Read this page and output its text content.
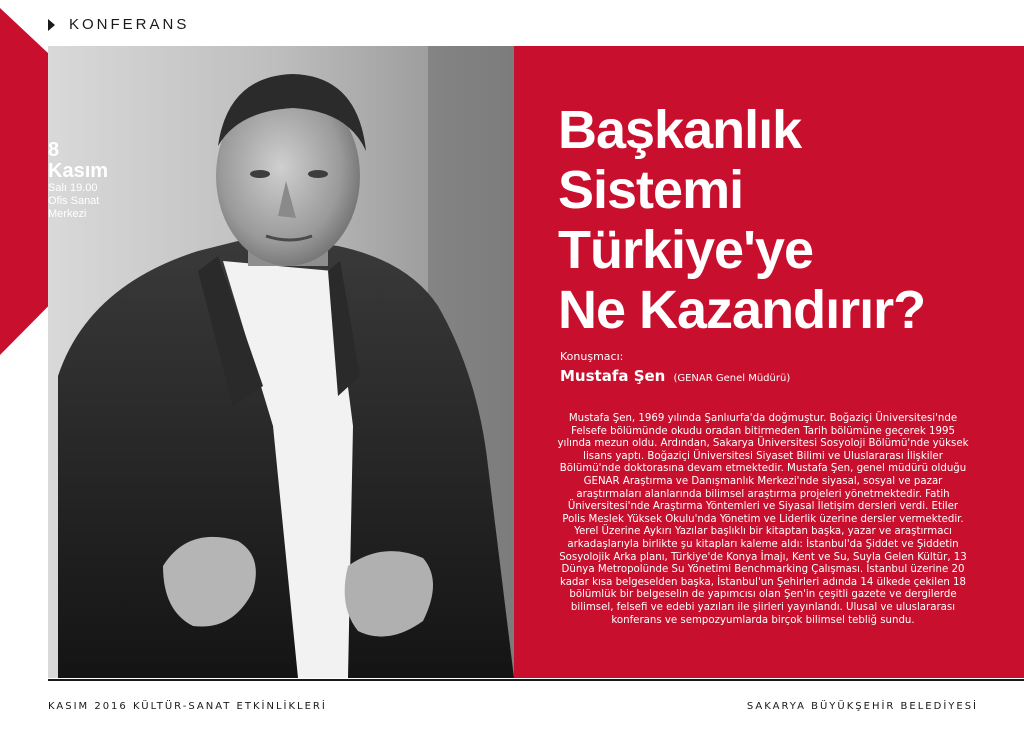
KONFERANS
8
Kasım
Salı 19.00
Ofis Sanat
Merkezi
Başkanlık
Sistemi
Türkiye'ye
Ne Kazandırır?
Konuşmacı:
Mustafa Şen (GENAR Genel Müdürü)
Mustafa Şen, 1969 yılında Şanlıurfa'da doğmuştur. Boğaziçi Üniversitesi'nde Felsefe bölümünde okudu oradan bitirmeden Tarih bölümüne geçerek 1995 yılında mezun oldu. Ardından, Sakarya Üniversitesi Sosyoloji Bölümü'nde yüksek lisans yaptı. Boğaziçi Üniversitesi Siyaset Bilimi ve Uluslararası İlişkiler Bölümü'nde doktorasına devam etmektedir. Mustafa Şen, genel müdürü olduğu GENAR Araştırma ve Danışmanlık Merkezi'nde siyasal, sosyal ve pazar araştırmaları alanlarında bilimsel araştırma projeleri yönetmektedir. Fatih Üniversitesi'nde Araştırma Yöntemleri ve Siyasal İletişim dersleri verdi. Etiler Polis Meslek Yüksek Okulu'nda Yönetim ve Liderlik üzerine dersler vermektedir. Yerel Üzerine Aykırı Yazılar başlıklı bir kitaptan başka, yazar ve araştırmacı arkadaşlarıyla birlikte şu kitapları kaleme aldı: İstanbul'da Şiddet ve Şiddetin Sosyolojik Arka planı, Türkiye'de Konya İmajı, Kent ve Su, Suyla Gelen Kültür, 13 Dünya Metropolünde Su Yönetimi Benchmarking Çalışması. İstanbul üzerine 20 kadar kısa belgeselden başka, İstanbul'un Şehirleri adında 14 ülkede çekilen 18 bölümlük bir belgeselin de yapımcısı olan Şen'in çeşitli gazete ve dergilerde bilimsel, felsefi ve edebi yazıları ile şiirleri yayınlandı. Ulusal ve uluslararası konferans ve sempozyumlarda birçok bilimsel tebliğ sundu.
KASIM 2016 KÜLTÜR-SANAT ETKİNLİKLERİ	SAKARYA BÜYÜKŞEHİR BELEDİYESİ
